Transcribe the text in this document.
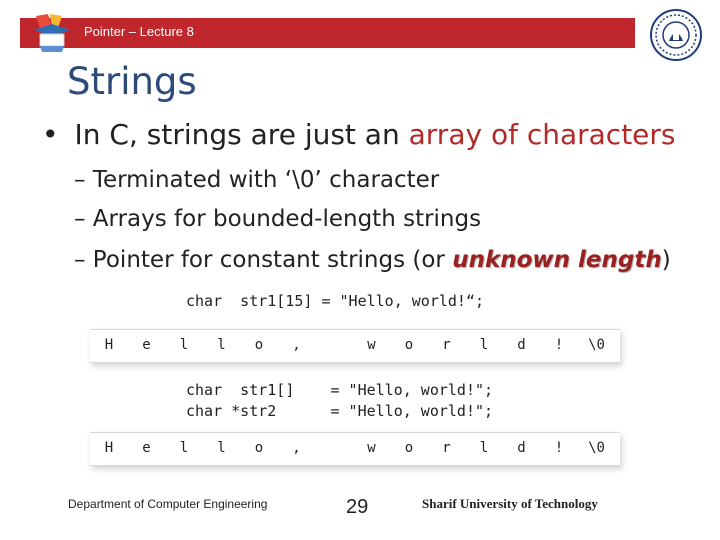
Pointer – Lecture 8
Strings
• In C, strings are just an array of characters
– Terminated with ‘\0’ character
– Arrays for bounded-length strings
– Pointer for constant strings (or unknown length)
char  str1[15] = "Hello, world!“;
H	e	l	l	o	,	w	o	r	l	d	!	\0
char  str1[]    = "Hello, world!";
char *str2      = "Hello, world!";
H	e	l	l	o	,	w	o	r	l	d	!	\0
Department of Computer Engineering	29	Sharif University of Technology
